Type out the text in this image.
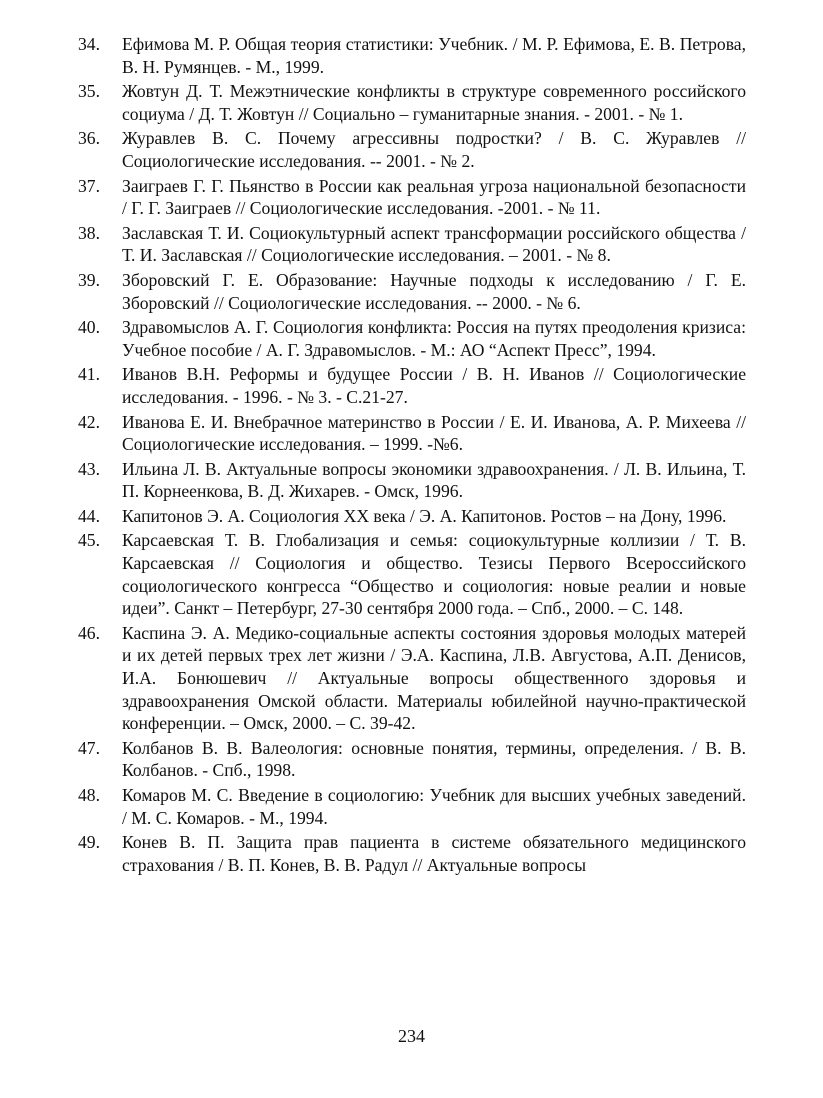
34.	Ефимова М. Р. Общая теория статистики: Учебник. / М. Р. Ефимова, Е. В. Петрова, В. Н. Румянцев. - М., 1999.
35.	Жовтун Д. Т. Межэтнические конфликты в структуре современного российского социума / Д. Т. Жовтун // Социально – гуманитарные знания. - 2001. - № 1.
36.	Журавлев В. С. Почему агрессивны подростки? / В. С. Журавлев // Социологические исследования. -- 2001. - № 2.
37.	Заиграев Г. Г. Пьянство в России как реальная угроза национальной безопасности / Г. Г. Заиграев // Социологические исследования. -2001. - № 11.
38.	Заславская Т. И. Социокультурный аспект трансформации российского общества / Т. И. Заславская // Социологические исследования. – 2001. - № 8.
39.	Зборовский Г. Е. Образование: Научные подходы к исследованию / Г. Е. Зборовский // Социологические исследования. -- 2000. - № 6.
40.	Здравомыслов А. Г. Социология конфликта: Россия на путях преодоления кризиса: Учебное пособие / А. Г. Здравомыслов. - М.: АО “Аспект Пресс”, 1994.
41.	Иванов В.Н. Реформы и будущее России / В. Н. Иванов // Социологические исследования. - 1996. - № 3. - С.21-27.
42.	Иванова Е. И. Внебрачное материнство в России / Е. И. Иванова, А. Р. Михеева // Социологические исследования. – 1999. -№6.
43.	Ильина Л. В. Актуальные вопросы экономики здравоохранения. / Л. В. Ильина, Т. П. Корнеенкова, В. Д. Жихарев. - Омск, 1996.
44.	Капитонов Э. А. Социология XX века / Э. А. Капитонов. Ростов – на Дону, 1996.
45.	Карсаевская Т. В. Глобализация и семья: социокультурные коллизии / Т. В. Карсаевская // Социология и общество. Тезисы Первого Всероссийского социологического конгресса “Общество и социология: новые реалии и новые идеи”. Санкт – Петербург, 27-30 сентября 2000 года. – Спб., 2000. – С. 148.
46.	Каспина Э. А. Медико-социальные аспекты состояния здоровья молодых матерей и их детей первых трех лет жизни / Э.А. Каспина, Л.В. Августова, А.П. Денисов, И.А. Бонюшевич // Актуальные вопросы общественного здоровья и здравоохранения Омской области. Материалы юбилейной научно-практической конференции. – Омск, 2000. – С. 39-42.
47.	Колбанов В. В. Валеология: основные понятия, термины, определения. / В. В. Колбанов. - Спб., 1998.
48.	Комаров М. С. Введение в социологию: Учебник для высших учебных заведений. / М. С. Комаров. - М., 1994.
49.	Конев В. П. Защита прав пациента в системе обязательного медицинского страхования / В. П. Конев, В. В. Радул // Актуальные вопросы
234
